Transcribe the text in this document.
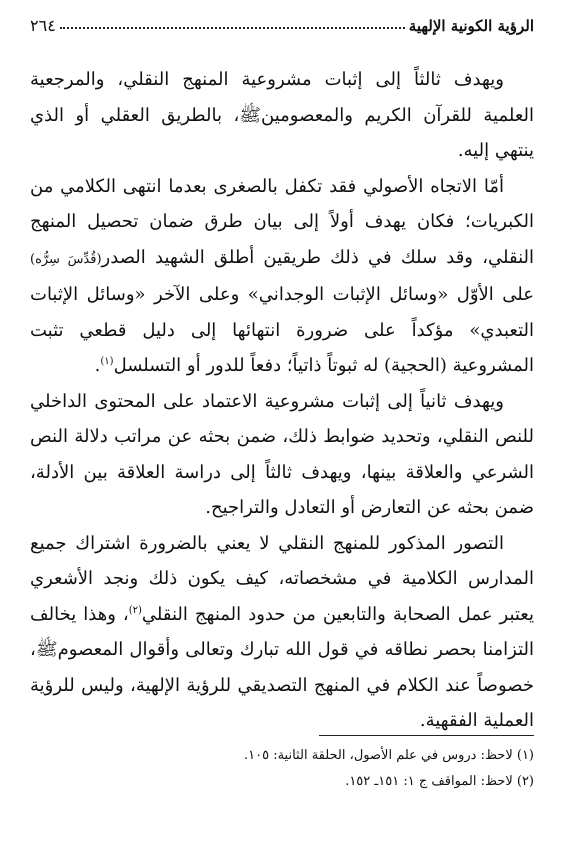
الرؤية الكونية الإلهية
٢٦٤

ويهدف ثالثاً إلى إثبات مشروعية المنهج النقلي، والمرجعية العلمية للقرآن الكريم والمعصومينﷺ، بالطريق العقلي أو الذي ينتهي إليه.

أمّا الاتجاه الأصولي فقد تكفل بالصغرى بعدما انتهى الكلامي من الكبريات؛ فكان يهدف أولاً إلى بيان طرق ضمان تحصيل المنهج النقلي، وقد سلك في ذلك طريقين أطلق الشهيد الصدر(قُدِّسَ سِرُّه) على الأوّل «وسائل الإثبات الوجداني» وعلى الآخر «وسائل الإثبات التعبدي» مؤكداً على ضرورة انتهائها إلى دليل قطعي تثبت المشروعية (الحجية) له ثبوتاً ذاتياً؛ دفعاً للدور أو التسلسل$^{(١)}$.

ويهدف ثانياً إلى إثبات مشروعية الاعتماد على المحتوى الداخلي للنص النقلي، وتحديد ضوابط ذلك، ضمن بحثه عن مراتب دلالة النص الشرعي والعلاقة بينها، ويهدف ثالثاً إلى دراسة العلاقة بين الأدلة، ضمن بحثه عن التعارض أو التعادل والتراجيح.

التصور المذكور للمنهج النقلي لا يعني بالضرورة اشتراك جميع المدارس الكلامية في مشخصاته، كيف يكون ذلك ونجد الأشعري يعتبر عمل الصحابة والتابعين من حدود المنهج النقلي$^{(٢)}$، وهذا يخالف التزامنا بحصر نطاقه في قول الله تبارك وتعالى وأقوال المعصومﷺ، خصوصاً عند الكلام في المنهج التصديقي للرؤية الإلهية، وليس للرؤية العملية الفقهية.

(١) لاحظ: دروس في علم الأصول، الحلقة الثانية: ١٠٥.
(٢) لاحظ: المواقف ج ١: ١٥١ـ ١٥٢.
